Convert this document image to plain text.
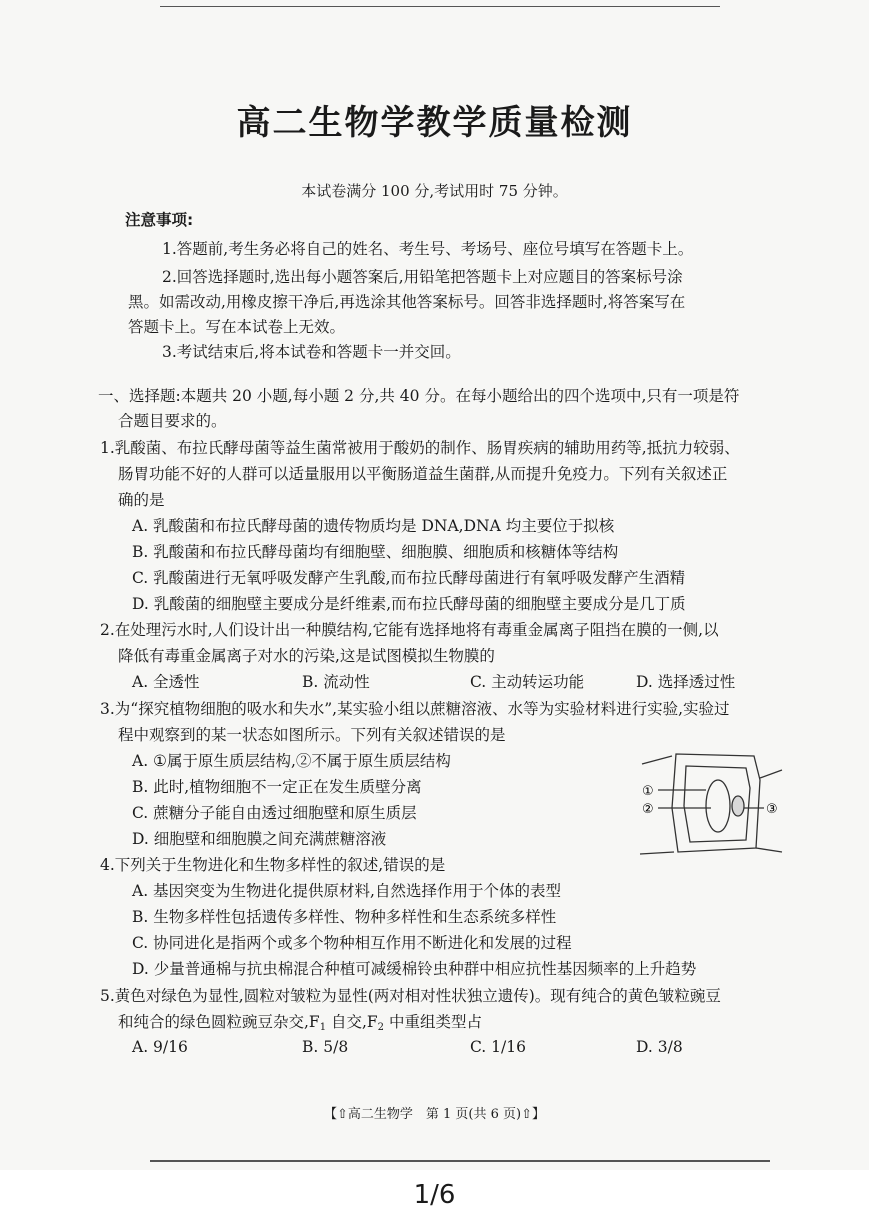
高二生物学教学质量检测
本试卷满分 100 分,考试用时 75 分钟。
注意事项:
1.答题前,考生务必将自己的姓名、考生号、考场号、座位号填写在答题卡上。
2.回答选择题时,选出每小题答案后,用铅笔把答题卡上对应题目的答案标号涂
黑。如需改动,用橡皮擦干净后,再选涂其他答案标号。回答非选择题时,将答案写在
答题卡上。写在本试卷上无效。
3.考试结束后,将本试卷和答题卡一并交回。
一、选择题:本题共 20 小题,每小题 2 分,共 40 分。在每小题给出的四个选项中,只有一项是符
合题目要求的。
1.乳酸菌、布拉氏酵母菌等益生菌常被用于酸奶的制作、肠胃疾病的辅助用药等,抵抗力较弱、
肠胃功能不好的人群可以适量服用以平衡肠道益生菌群,从而提升免疫力。下列有关叙述正
确的是
A. 乳酸菌和布拉氏酵母菌的遗传物质均是 DNA,DNA 均主要位于拟核
B. 乳酸菌和布拉氏酵母菌均有细胞壁、细胞膜、细胞质和核糖体等结构
C. 乳酸菌进行无氧呼吸发酵产生乳酸,而布拉氏酵母菌进行有氧呼吸发酵产生酒精
D. 乳酸菌的细胞壁主要成分是纤维素,而布拉氏酵母菌的细胞壁主要成分是几丁质
2.在处理污水时,人们设计出一种膜结构,它能有选择地将有毒重金属离子阻挡在膜的一侧,以
降低有毒重金属离子对水的污染,这是试图模拟生物膜的
A. 全透性	B. 流动性	C. 主动转运功能	D. 选择透过性
3.为“探究植物细胞的吸水和失水”,某实验小组以蔗糖溶液、水等为实验材料进行实验,实验过
程中观察到的某一状态如图所示。下列有关叙述错误的是
A. ①属于原生质层结构,②不属于原生质层结构
B. 此时,植物细胞不一定正在发生质壁分离
C. 蔗糖分子能自由透过细胞壁和原生质层
D. 细胞壁和细胞膜之间充满蔗糖溶液
①
②	③
4.下列关于生物进化和生物多样性的叙述,错误的是
A. 基因突变为生物进化提供原材料,自然选择作用于个体的表型
B. 生物多样性包括遗传多样性、物种多样性和生态系统多样性
C. 协同进化是指两个或多个物种相互作用不断进化和发展的过程
D. 少量普通棉与抗虫棉混合种植可减缓棉铃虫种群中相应抗性基因频率的上升趋势
5.黄色对绿色为显性,圆粒对皱粒为显性(两对相对性状独立遗传)。现有纯合的黄色皱粒豌豆
和纯合的绿色圆粒豌豆杂交$,F_1$ 自交$,F_2$ 中重组类型占
A. 9/16	B. 5/8	C. 1/16	D. 3/8
【⇧高二生物学　第 1 页(共 6 页)⇧】
1/6
